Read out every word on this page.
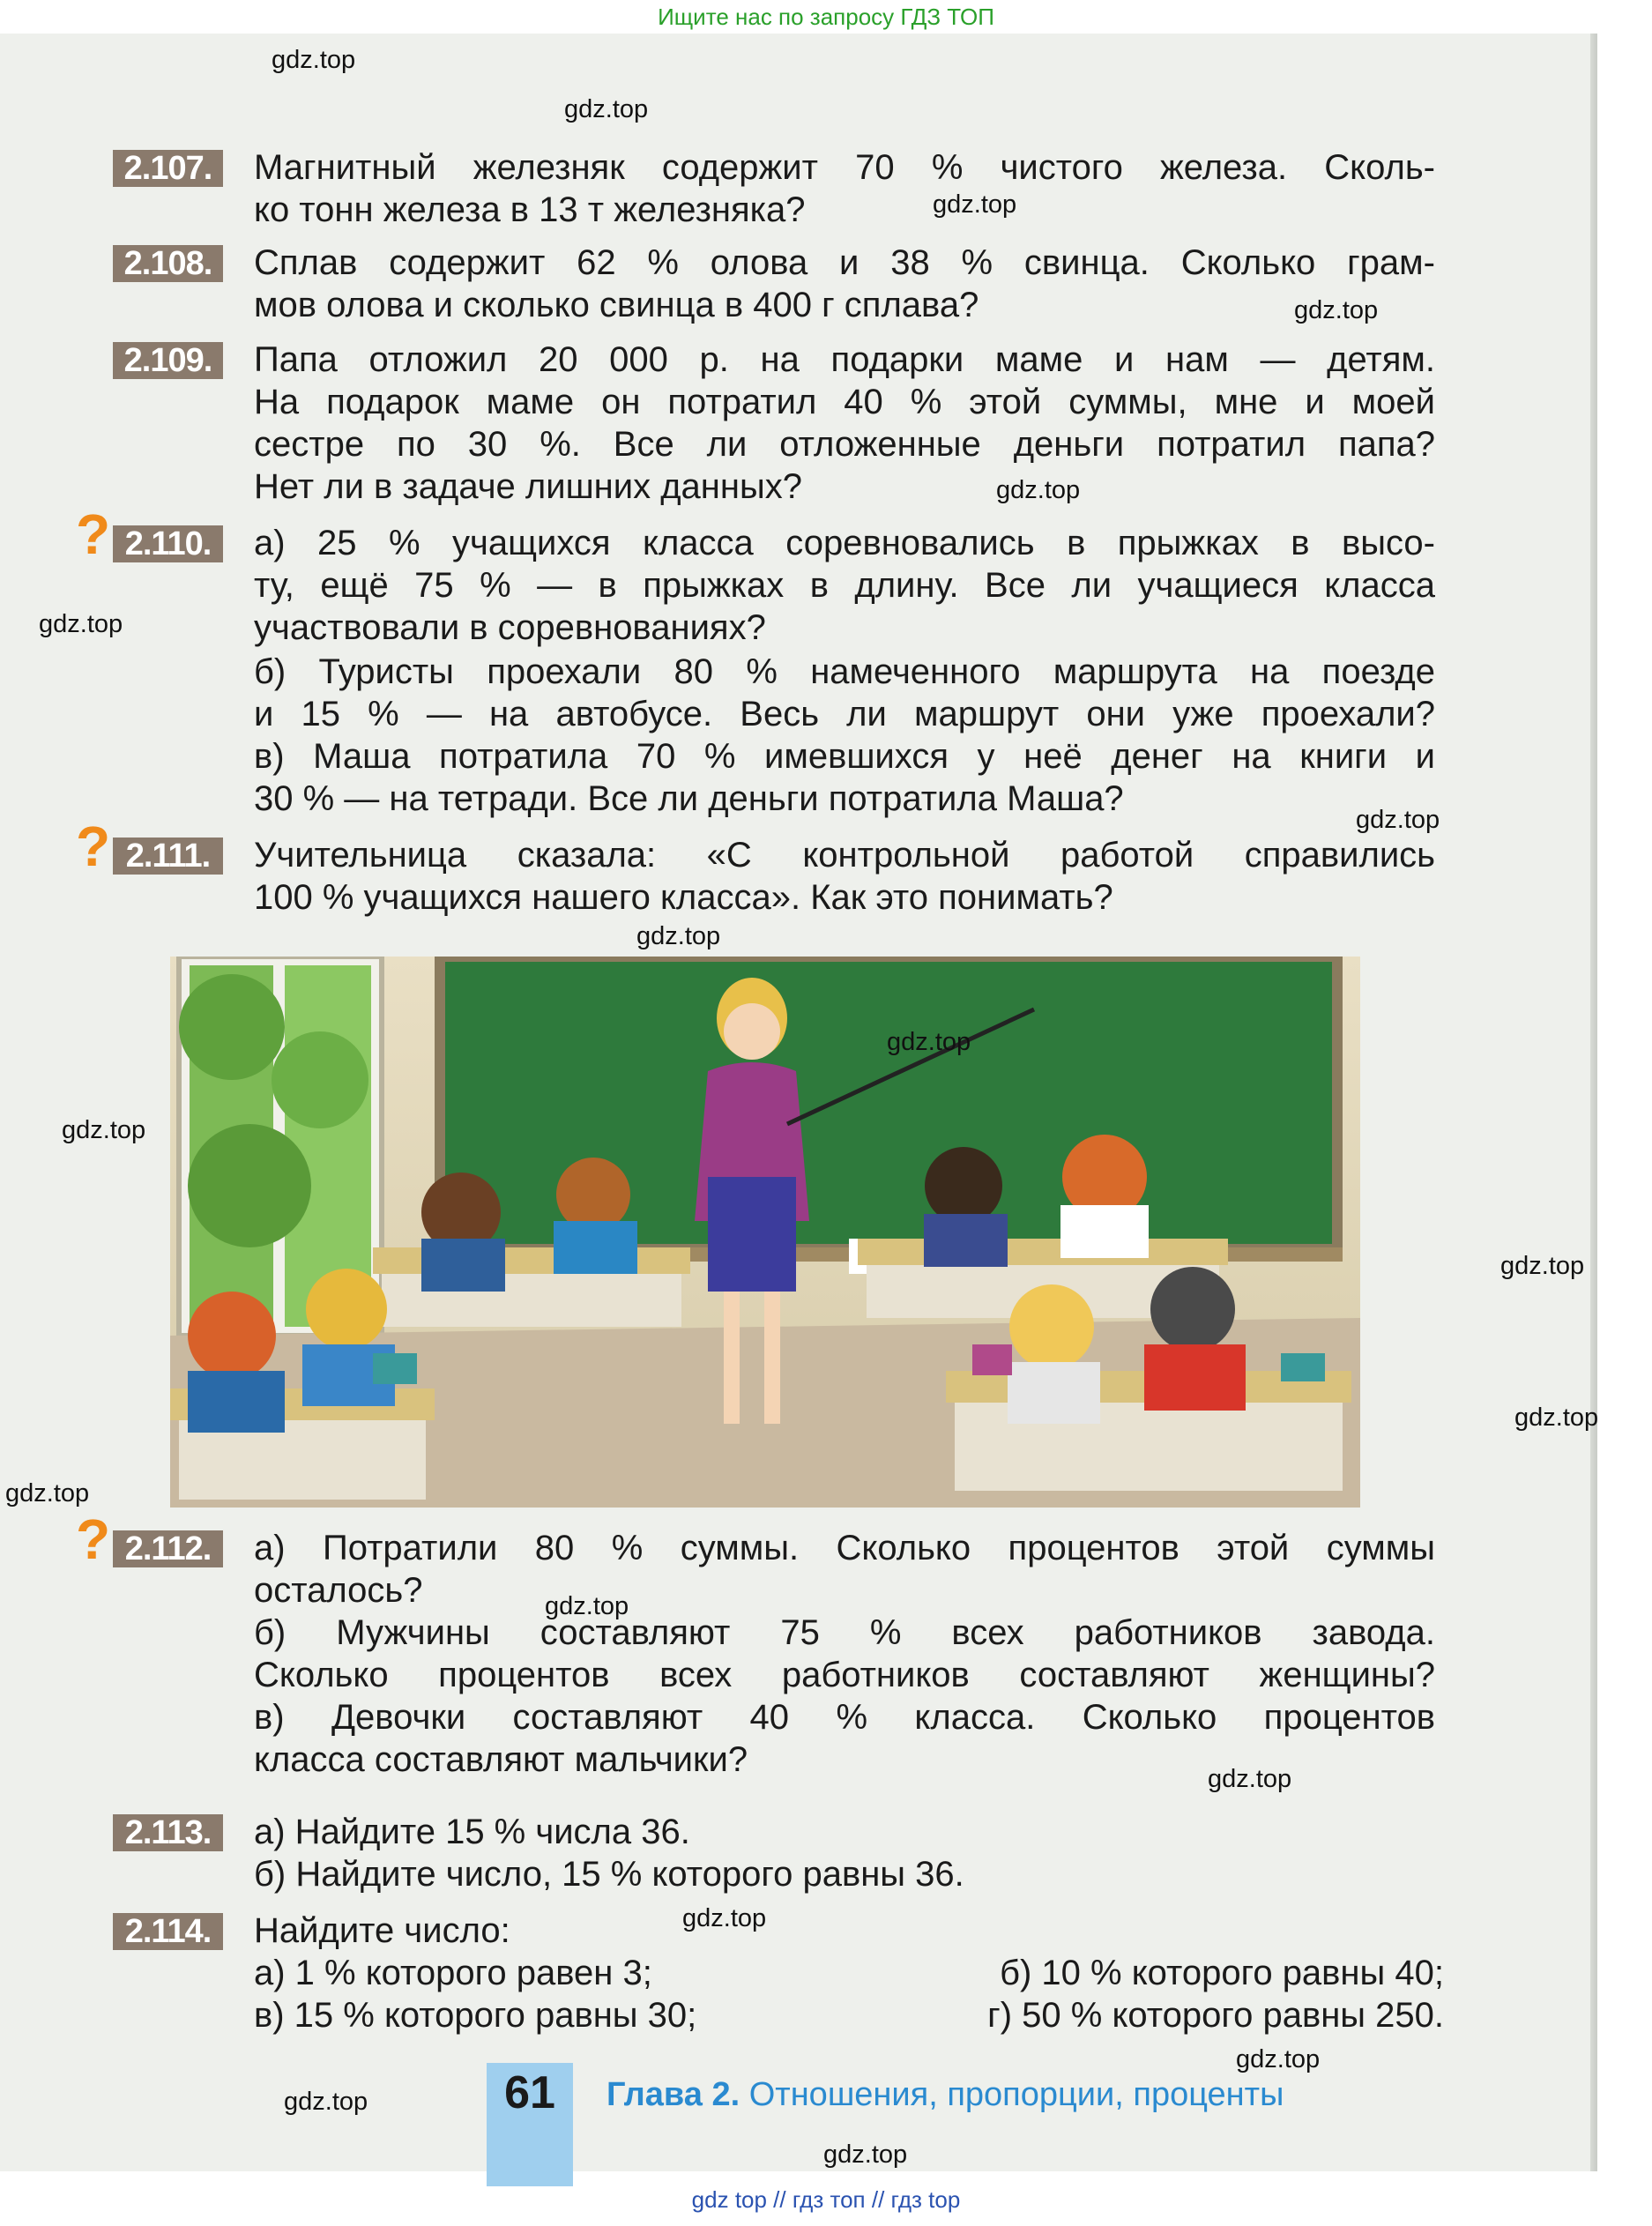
Ищите нас по запросу ГДЗ ТОП
2.107.	Магнитный железняк содержит 70 % чистого железа. Сколь-
ко тонн железа в 13 т железняка?
2.108.	Сплав содержит 62 % олова и 38 % свинца. Сколько грам-
мов олова и сколько свинца в 400 г сплава?
2.109.	Папа отложил 20 000 р. на подарки маме и нам — детям.
На подарок маме он потратил 40 % этой суммы, мне и моей
сестре по 30 %. Все ли отложенные деньги потратил папа?
Нет ли в задаче лишних данных?
? 2.110.	а) 25 % учащихся класса соревновались в прыжках в высо-
ту, ещё 75 % — в прыжках в длину. Все ли учащиеся класса
участвовали в соревнованиях?
б) Туристы проехали 80 % намеченного маршрута на поезде
и 15 % — на автобусе. Весь ли маршрут они уже проехали?
в) Маша потратила 70 % имевшихся у неё денег на книги и
30 % — на тетради. Все ли деньги потратила Маша?
? 2.111.	Учительница сказала: «С контрольной работой справились
100 % учащихся нашего класса». Как это понимать?
? 2.112.	а) Потратили 80 % суммы. Сколько процентов этой суммы
осталось?
б) Мужчины составляют 75 % всех работников завода.
Сколько процентов всех работников составляют женщины?
в) Девочки составляют 40 % класса. Сколько процентов
класса составляют мальчики?
2.113.	а) Найдите 15 % числа 36.
б) Найдите число, 15 % которого равны 36.
2.114.	Найдите число:
а) 1 % которого равен 3;	б) 10 % которого равны 40;
в) 15 % которого равны 30;	г) 50 % которого равны 250.
61	Глава 2. Отношения, пропорции, проценты
gdz.top
gdz.top
gdz.top
gdz.top
gdz.top
gdz.top
gdz.top
gdz.top
gdz.top
gdz.top
gdz.top
gdz.top
gdz.top
gdz.top
gdz.top
gdz.top
gdz.top
gdz.top
gdz.top
gdz top // гдз топ // гдз top
